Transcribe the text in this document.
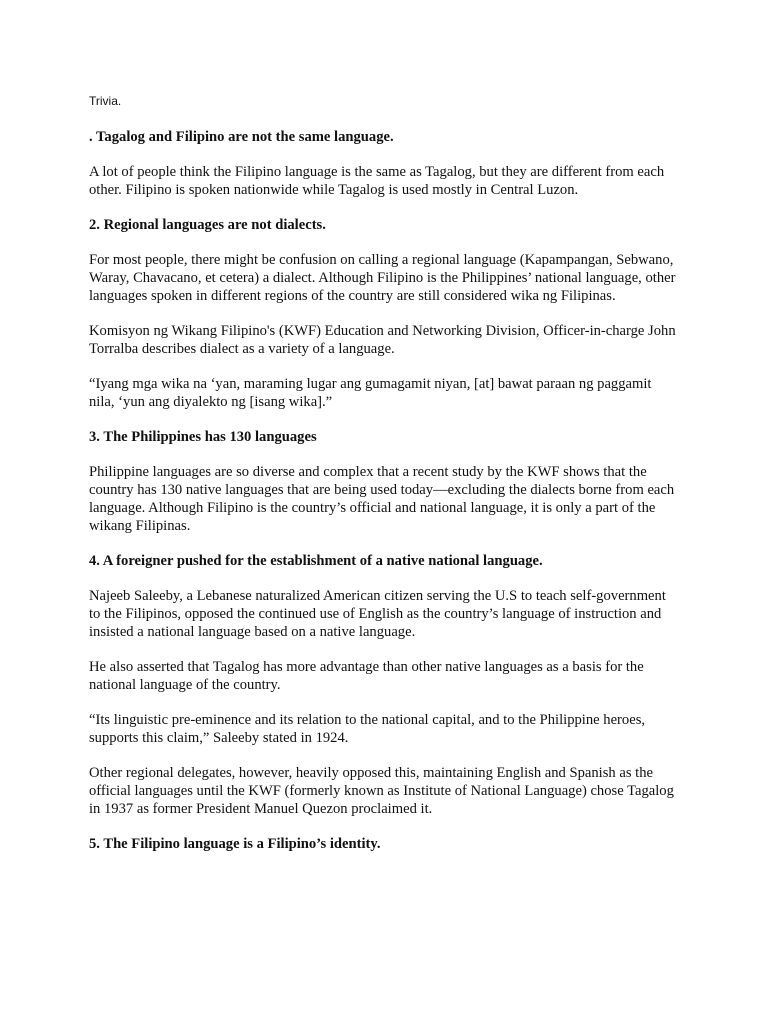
Trivia.

. Tagalog and Filipino are not the same language.

A lot of people think the Filipino language is the same as Tagalog, but they are different from each other. Filipino is spoken nationwide while Tagalog is used mostly in Central Luzon.

2. Regional languages are not dialects.

For most people, there might be confusion on calling a regional language (Kapampangan, Sebwano, Waray, Chavacano, et cetera) a dialect. Although Filipino is the Philippines’ national language, other languages spoken in different regions of the country are still considered wika ng Filipinas.

Komisyon ng Wikang Filipino's (KWF) Education and Networking Division, Officer-in-charge John Torralba describes dialect as a variety of a language.

“Iyang mga wika na ‘yan, maraming lugar ang gumagamit niyan, [at] bawat paraan ng paggamit nila, ‘yun ang diyalekto ng [isang wika].”

3. The Philippines has 130 languages

Philippine languages are so diverse and complex that a recent study by the KWF shows that the country has 130 native languages that are being used today—excluding the dialects borne from each language. Although Filipino is the country’s official and national language, it is only a part of the wikang Filipinas.

4. A foreigner pushed for the establishment of a native national language.

Najeeb Saleeby, a Lebanese naturalized American citizen serving the U.S to teach self-government to the Filipinos, opposed the continued use of English as the country’s language of instruction and insisted a national language based on a native language.

He also asserted that Tagalog has more advantage than other native languages as a basis for the national language of the country.

“Its linguistic pre-eminence and its relation to the national capital, and to the Philippine heroes, supports this claim,” Saleeby stated in 1924.

Other regional delegates, however, heavily opposed this, maintaining English and Spanish as the official languages until the KWF (formerly known as Institute of National Language) chose Tagalog in 1937 as former President Manuel Quezon proclaimed it.

5. The Filipino language is a Filipino’s identity.
